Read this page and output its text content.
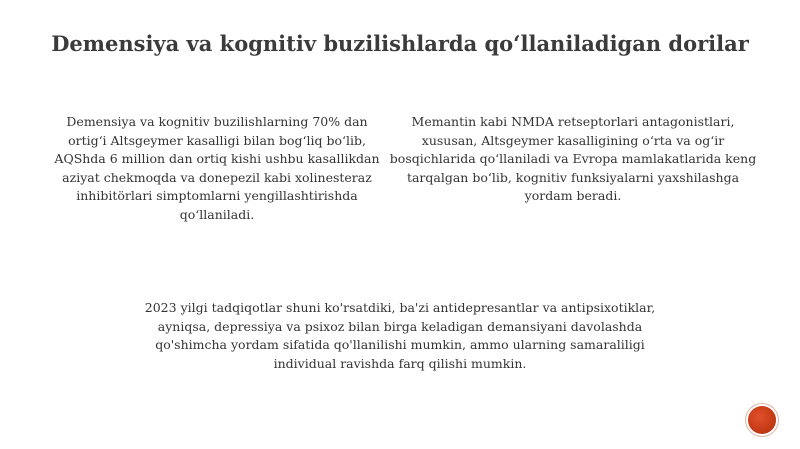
Demensiya va kognitiv buzilishlarda qo‘llaniladigan dorilar
Demensiya va kognitiv buzilishlarning 70% dan ortig‘i Altsgeymer kasalligi bilan bog‘liq bo‘lib, AQShda 6 million dan ortiq kishi ushbu kasallikdan aziyat chekmoqda va donepezil kabi xolinesteraz inhibitörlari simptomlarni yengillashtirishda qo‘llaniladi.
Memantin kabi NMDA retseptorlari antagonistlari, xususan, Altsgeymer kasalligining o‘rta va og‘ir bosqichlarida qo‘llaniladi va Evropa mamlakatlarida keng tarqalgan bo‘lib, kognitiv funksiyalarni yaxshilashga yordam beradi.
2023 yilgi tadqiqotlar shuni ko'rsatdiki, ba'zi antidepresantlar va antipsixotiklar, ayniqsa, depressiya va psixoz bilan birga keladigan demansiyani davolashda qo'shimcha yordam sifatida qo'llanilishi mumkin, ammo ularning samaraliligi individual ravishda farq qilishi mumkin.
